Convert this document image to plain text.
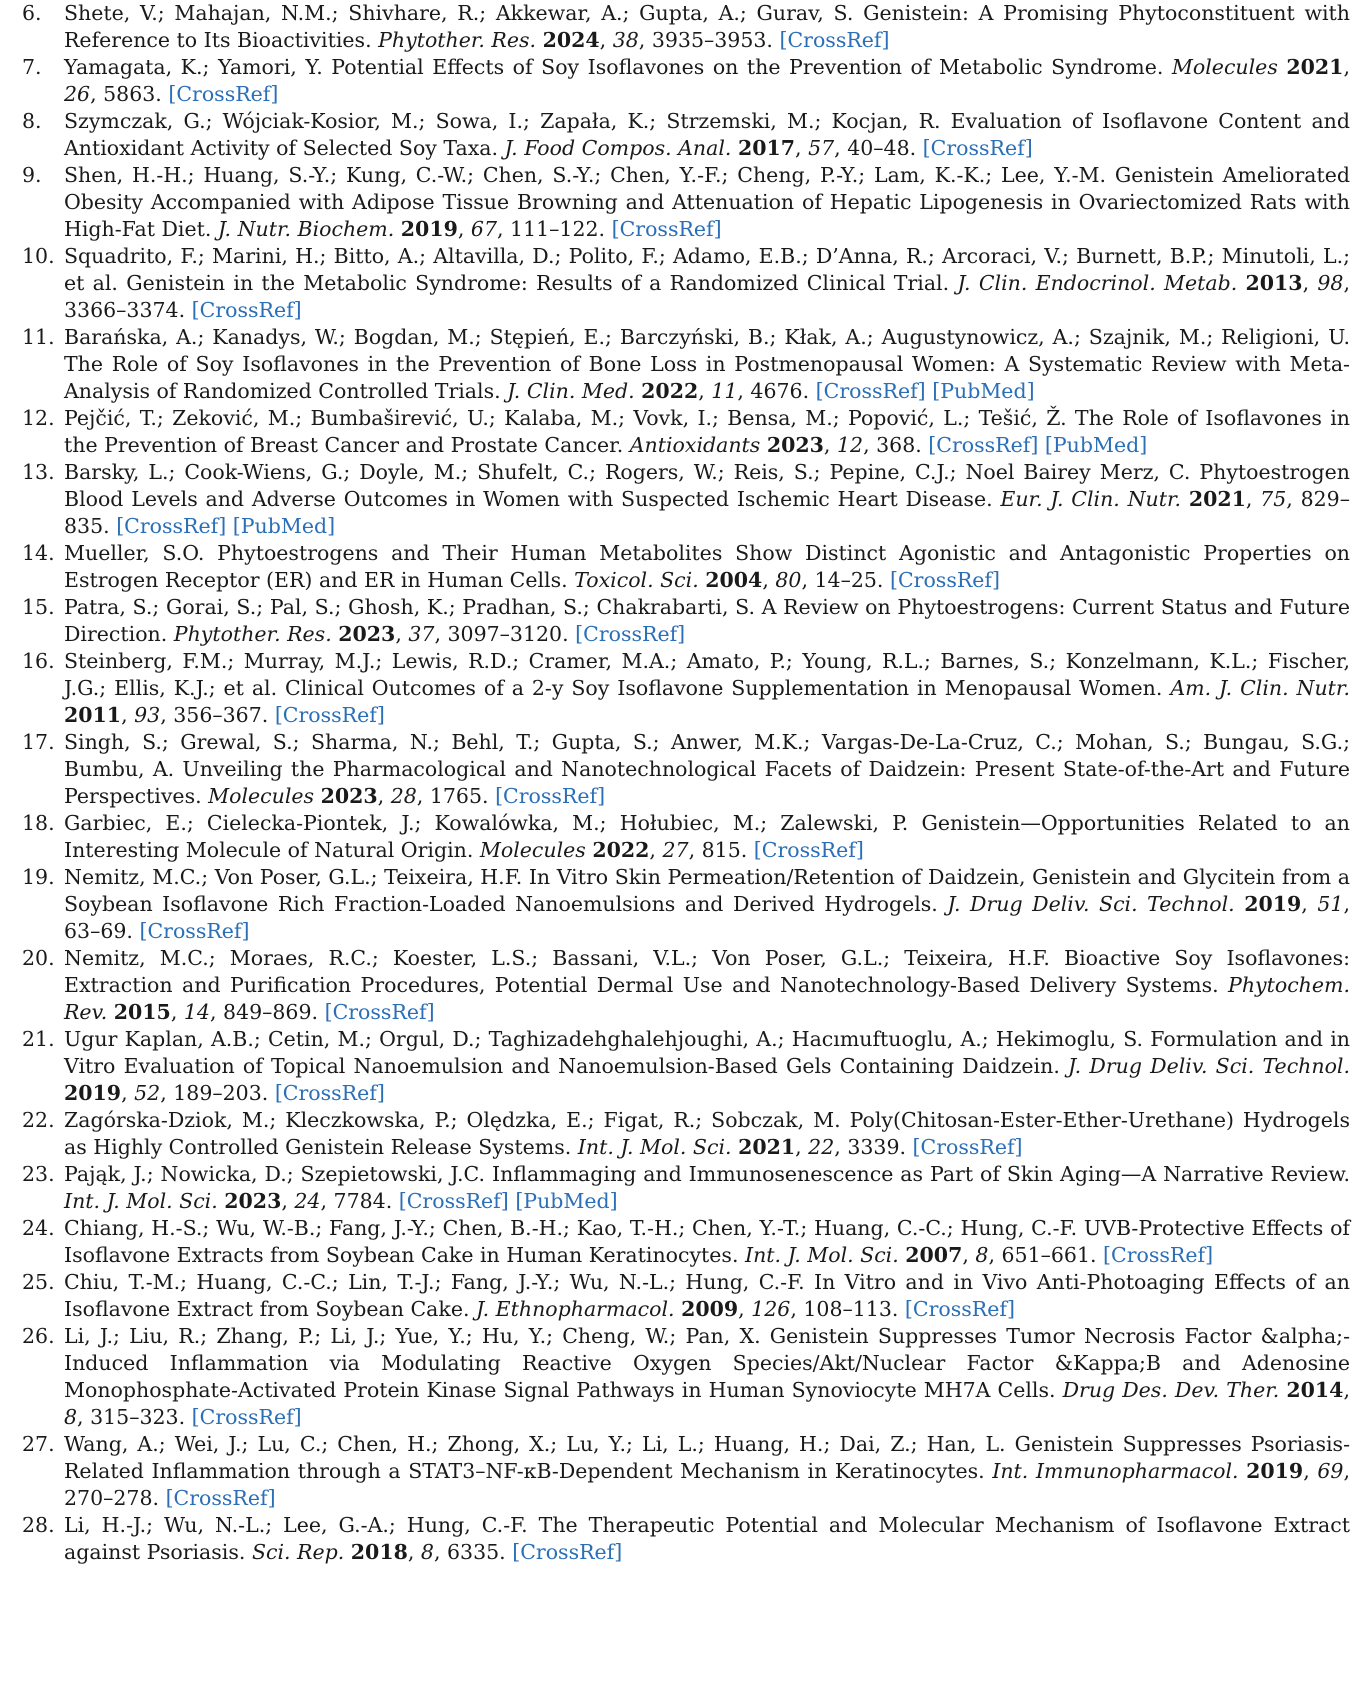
6.	Shete, V.; Mahajan, N.M.; Shivhare, R.; Akkewar, A.; Gupta, A.; Gurav, S. Genistein: A Promising Phytoconstituent with Reference to Its Bioactivities. Phytother. Res. 2024, 38, 3935–3953. [CrossRef]
7.	Yamagata, K.; Yamori, Y. Potential Effects of Soy Isoflavones on the Prevention of Metabolic Syndrome. Molecules 2021, 26, 5863. [CrossRef]
8.	Szymczak, G.; Wójciak-Kosior, M.; Sowa, I.; Zapała, K.; Strzemski, M.; Kocjan, R. Evaluation of Isoflavone Content and Antioxidant Activity of Selected Soy Taxa. J. Food Compos. Anal. 2017, 57, 40–48. [CrossRef]
9.	Shen, H.-H.; Huang, S.-Y.; Kung, C.-W.; Chen, S.-Y.; Chen, Y.-F.; Cheng, P.-Y.; Lam, K.-K.; Lee, Y.-M. Genistein Ameliorated Obesity Accompanied with Adipose Tissue Browning and Attenuation of Hepatic Lipogenesis in Ovariectomized Rats with High-Fat Diet. J. Nutr. Biochem. 2019, 67, 111–122. [CrossRef]
10. Squadrito, F.; Marini, H.; Bitto, A.; Altavilla, D.; Polito, F.; Adamo, E.B.; D’Anna, R.; Arcoraci, V.; Burnett, B.P.; Minutoli, L.; et al. Genistein in the Metabolic Syndrome: Results of a Randomized Clinical Trial. J. Clin. Endocrinol. Metab. 2013, 98, 3366–3374. [CrossRef]
11. Barańska, A.; Kanadys, W.; Bogdan, M.; Stępień, E.; Barczyński, B.; Kłak, A.; Augustynowicz, A.; Szajnik, M.; Religioni, U. The Role of Soy Isoflavones in the Prevention of Bone Loss in Postmenopausal Women: A Systematic Review with Meta-Analysis of Randomized Controlled Trials. J. Clin. Med. 2022, 11, 4676. [CrossRef] [PubMed]
12. Pejčić, T.; Zeković, M.; Bumbaširević, U.; Kalaba, M.; Vovk, I.; Bensa, M.; Popović, L.; Tešić, Ž. The Role of Isoflavones in the Prevention of Breast Cancer and Prostate Cancer. Antioxidants 2023, 12, 368. [CrossRef] [PubMed]
13. Barsky, L.; Cook-Wiens, G.; Doyle, M.; Shufelt, C.; Rogers, W.; Reis, S.; Pepine, C.J.; Noel Bairey Merz, C. Phytoestrogen Blood Levels and Adverse Outcomes in Women with Suspected Ischemic Heart Disease. Eur. J. Clin. Nutr. 2021, 75, 829–835. [CrossRef] [PubMed]
14. Mueller, S.O. Phytoestrogens and Their Human Metabolites Show Distinct Agonistic and Antagonistic Properties on Estrogen Receptor (ER) and ER in Human Cells. Toxicol. Sci. 2004, 80, 14–25. [CrossRef]
15. Patra, S.; Gorai, S.; Pal, S.; Ghosh, K.; Pradhan, S.; Chakrabarti, S. A Review on Phytoestrogens: Current Status and Future Direction. Phytother. Res. 2023, 37, 3097–3120. [CrossRef]
16. Steinberg, F.M.; Murray, M.J.; Lewis, R.D.; Cramer, M.A.; Amato, P.; Young, R.L.; Barnes, S.; Konzelmann, K.L.; Fischer, J.G.; Ellis, K.J.; et al. Clinical Outcomes of a 2-y Soy Isoflavone Supplementation in Menopausal Women. Am. J. Clin. Nutr. 2011, 93, 356–367. [CrossRef]
17. Singh, S.; Grewal, S.; Sharma, N.; Behl, T.; Gupta, S.; Anwer, M.K.; Vargas-De-La-Cruz, C.; Mohan, S.; Bungau, S.G.; Bumbu, A. Unveiling the Pharmacological and Nanotechnological Facets of Daidzein: Present State-of-the-Art and Future Perspectives. Molecules 2023, 28, 1765. [CrossRef]
18. Garbiec, E.; Cielecka-Piontek, J.; Kowalówka, M.; Hołubiec, M.; Zalewski, P. Genistein—Opportunities Related to an Interesting Molecule of Natural Origin. Molecules 2022, 27, 815. [CrossRef]
19. Nemitz, M.C.; Von Poser, G.L.; Teixeira, H.F. In Vitro Skin Permeation/Retention of Daidzein, Genistein and Glycitein from a Soybean Isoflavone Rich Fraction-Loaded Nanoemulsions and Derived Hydrogels. J. Drug Deliv. Sci. Technol. 2019, 51, 63–69. [CrossRef]
20. Nemitz, M.C.; Moraes, R.C.; Koester, L.S.; Bassani, V.L.; Von Poser, G.L.; Teixeira, H.F. Bioactive Soy Isoflavones: Extraction and Purification Procedures, Potential Dermal Use and Nanotechnology-Based Delivery Systems. Phytochem. Rev. 2015, 14, 849–869. [CrossRef]
21. Ugur Kaplan, A.B.; Cetin, M.; Orgul, D.; Taghizadehghalehjoughi, A.; Hacımuftuoglu, A.; Hekimoglu, S. Formulation and in Vitro Evaluation of Topical Nanoemulsion and Nanoemulsion-Based Gels Containing Daidzein. J. Drug Deliv. Sci. Technol. 2019, 52, 189–203. [CrossRef]
22. Zagórska-Dziok, M.; Kleczkowska, P.; Olędzka, E.; Figat, R.; Sobczak, M. Poly(Chitosan-Ester-Ether-Urethane) Hydrogels as Highly Controlled Genistein Release Systems. Int. J. Mol. Sci. 2021, 22, 3339. [CrossRef]
23. Pająk, J.; Nowicka, D.; Szepietowski, J.C. Inflammaging and Immunosenescence as Part of Skin Aging—A Narrative Review. Int. J. Mol. Sci. 2023, 24, 7784. [CrossRef] [PubMed]
24. Chiang, H.-S.; Wu, W.-B.; Fang, J.-Y.; Chen, B.-H.; Kao, T.-H.; Chen, Y.-T.; Huang, C.-C.; Hung, C.-F. UVB-Protective Effects of Isoflavone Extracts from Soybean Cake in Human Keratinocytes. Int. J. Mol. Sci. 2007, 8, 651–661. [CrossRef]
25. Chiu, T.-M.; Huang, C.-C.; Lin, T.-J.; Fang, J.-Y.; Wu, N.-L.; Hung, C.-F. In Vitro and in Vivo Anti-Photoaging Effects of an Isoflavone Extract from Soybean Cake. J. Ethnopharmacol. 2009, 126, 108–113. [CrossRef]
26. Li, J.; Liu, R.; Zhang, P.; Li, J.; Yue, Y.; Hu, Y.; Cheng, W.; Pan, X. Genistein Suppresses Tumor Necrosis Factor &alpha;-Induced Inflammation via Modulating Reactive Oxygen Species/Akt/Nuclear Factor &Kappa;B and Adenosine Monophosphate-Activated Protein Kinase Signal Pathways in Human Synoviocyte MH7A Cells. Drug Des. Dev. Ther. 2014, 8, 315–323. [CrossRef]
27. Wang, A.; Wei, J.; Lu, C.; Chen, H.; Zhong, X.; Lu, Y.; Li, L.; Huang, H.; Dai, Z.; Han, L. Genistein Suppresses Psoriasis-Related Inflammation through a STAT3–NF-κB-Dependent Mechanism in Keratinocytes. Int. Immunopharmacol. 2019, 69, 270–278. [CrossRef]
28. Li, H.-J.; Wu, N.-L.; Lee, G.-A.; Hung, C.-F. The Therapeutic Potential and Molecular Mechanism of Isoflavone Extract against Psoriasis. Sci. Rep. 2018, 8, 6335. [CrossRef]
